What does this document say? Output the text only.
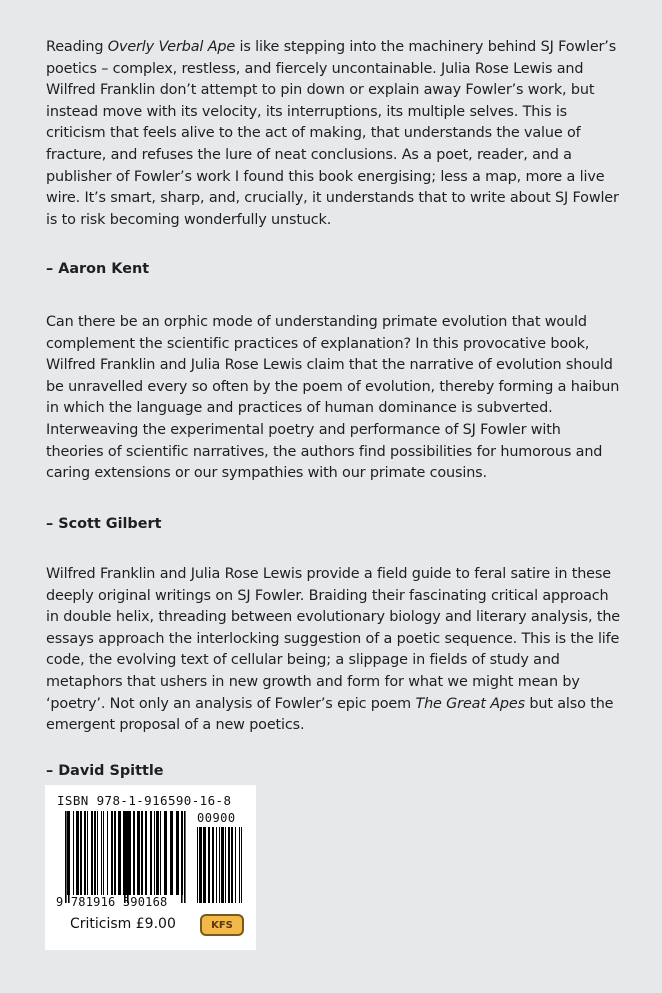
Reading Overly Verbal Ape is like stepping into the machinery behind SJ Fowler’s poetics – complex, restless, and fiercely uncontainable. Julia Rose Lewis and Wilfred Franklin don’t attempt to pin down or explain away Fowler’s work, but instead move with its velocity, its interruptions, its multiple selves. This is criticism that feels alive to the act of making, that understands the value of fracture, and refuses the lure of neat conclusions. As a poet, reader, and a publisher of Fowler’s work I found this book energising; less a map, more a live wire. It’s smart, sharp, and, crucially, it understands that to write about SJ Fowler is to risk becoming wonderfully unstuck.

– Aaron Kent

Can there be an orphic mode of understanding primate evolution that would complement the scientific practices of explanation? In this provocative book, Wilfred Franklin and Julia Rose Lewis claim that the narrative of evolution should be unravelled every so often by the poem of evolution, thereby forming a haibun in which the language and practices of human dominance is subverted. Interweaving the experimental poetry and performance of SJ Fowler with theories of scientific narratives, the authors find possibilities for humorous and caring extensions or our sympathies with our primate cousins.

– Scott Gilbert

Wilfred Franklin and Julia Rose Lewis provide a field guide to feral satire in these deeply original writings on SJ Fowler. Braiding their fascinating critical approach in double helix, threading between evolutionary biology and literary analysis, the essays approach the interlocking suggestion of a poetic sequence. This is the life code, the evolving text of cellular being; a slippage in fields of study and metaphors that ushers in new growth and form for what we might mean by ‘poetry’. Not only an analysis of Fowler’s epic poem The Great Apes but also the emergent proposal of a new poetics.

– David Spittle

ISBN 978-1-916590-16-8
00900
9  781916  590168
Criticism £9.00	KFS
